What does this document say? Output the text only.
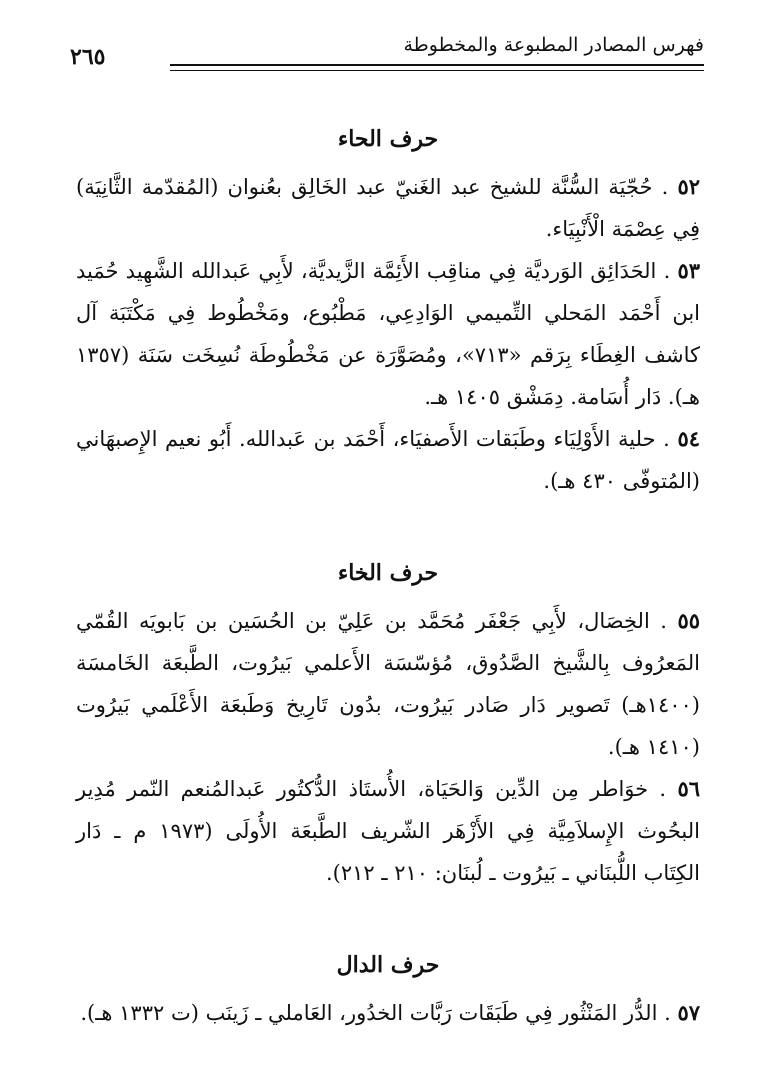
فهرس المصادر المطبوعة والمخطوطة
٢٦٥
حرف الحاء

٥٢ . حُجّيَة السُّنَّة للشيخ عبد الغَنيّ عبد الخَالِق بعُنوان (المُقدّمة الثَّانِيَة) فِي عِصْمَة الْأَنْبِيَاء.

٥٣ . الحَدَائِق الوَرديَّة فِي مناقِب الأَئِمَّة الزَّيديَّة، لأَبِي عَبدالله الشَّهِيد حُمَيد ابن أَحْمَد المَحلي التِّميمي الوَادِعِي، مَطْبُوع، ومَخْطُوط فِي مَكْتَبَة آل كاشف الغِطَاء بِرَقم «٧١٣»، ومُصَوَّرَة عن مَخْطُوطَة نُسِخَت سَنَة (١٣٥٧ هـ). دَار أُسَامة. دِمَشْق ١٤٠٥ هـ.

٥٤ . حلية الأَوْلِيَاء وطَبَقات الأَصفيَاء، أَحْمَد بن عَبدالله. أَبُو نعيم الإِصبهَاني (المُتوفّى ٤٣٠ هـ).

حرف الخاء

٥٥ . الخِصَال، لأَبِي جَعْفَر مُحَمَّد بن عَلِيّ بن الحُسَين بن بَابويَه القُمّي المَعرُوف بِالشَّيخ الصَّدُوق، مُؤسّسَة الأَعلمي بَيرُوت، الطَّبعَة الخَامسَة (١٤٠٠هـ) تَصوير دَار صَادر بَيرُوت، بدُون تَارِيخ وَطَبعَة الأَعْلَمي بَيرُوت (١٤١٠ هـ).

٥٦ . خوَاطر مِن الدِّين وَالحَيَاة، الأُستَاذ الدُّكتُور عَبدالمُنعم النّمر مُدِير البحُوث الإِسلاَمِيَّة فِي الأَزْهَر الشّريف الطَّبعَة الأُولَى (١٩٧٣ م ـ دَار الكِتَاب اللُّبنَاني ـ بَيرُوت ـ لُبنَان: ٢١٠ ـ ٢١٢).

حرف الدال

٥٧ . الدُّر المَنْثُور فِي طَبَقَات رَبَّات الخدُور، العَاملي ـ زَينَب (ت ١٣٣٢ هـ).
